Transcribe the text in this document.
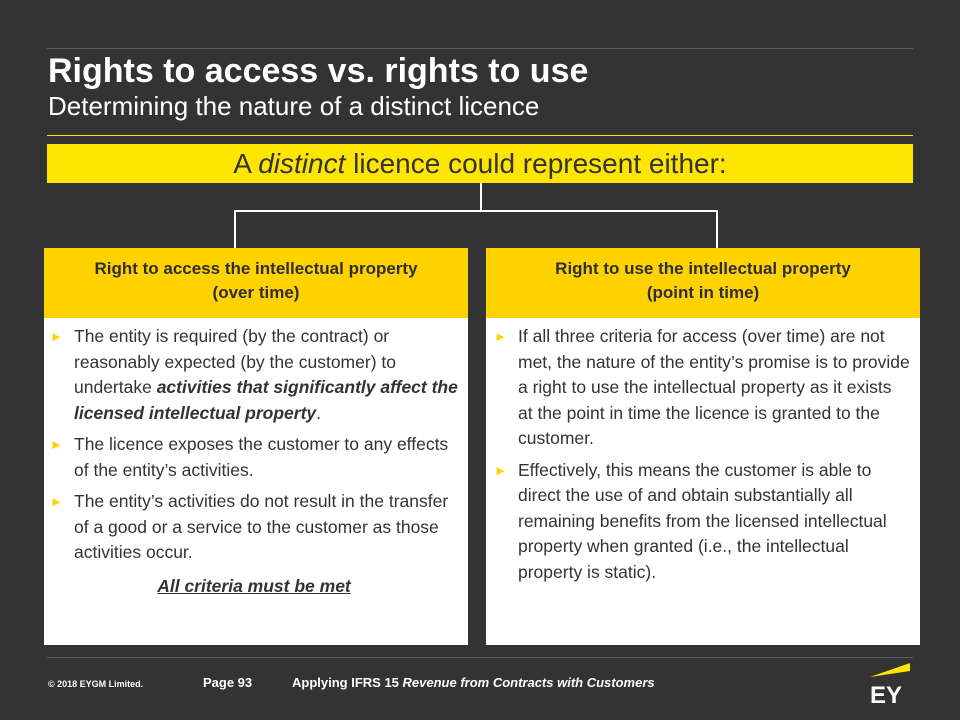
Rights to access vs. rights to use
Determining the nature of a distinct licence
A distinct licence could represent either:
Right to access the intellectual property
(over time)
► The entity is required (by the contract) or reasonably expected (by the customer) to undertake activities that significantly affect the licensed intellectual property.
► The licence exposes the customer to any effects of the entity’s activities.
► The entity’s activities do not result in the transfer of a good or a service to the customer as those activities occur.
All criteria must be met
Right to use the intellectual property
(point in time)
► If all three criteria for access (over time) are not met, the nature of the entity’s promise is to provide a right to use the intellectual property as it exists at the point in time the licence is granted to the customer.
► Effectively, this means the customer is able to direct the use of and obtain substantially all remaining benefits from the licensed intellectual property when granted (i.e., the intellectual property is static).
© 2018 EYGM Limited.	Page 93	Applying IFRS 15 Revenue from Contracts with Customers	EY
